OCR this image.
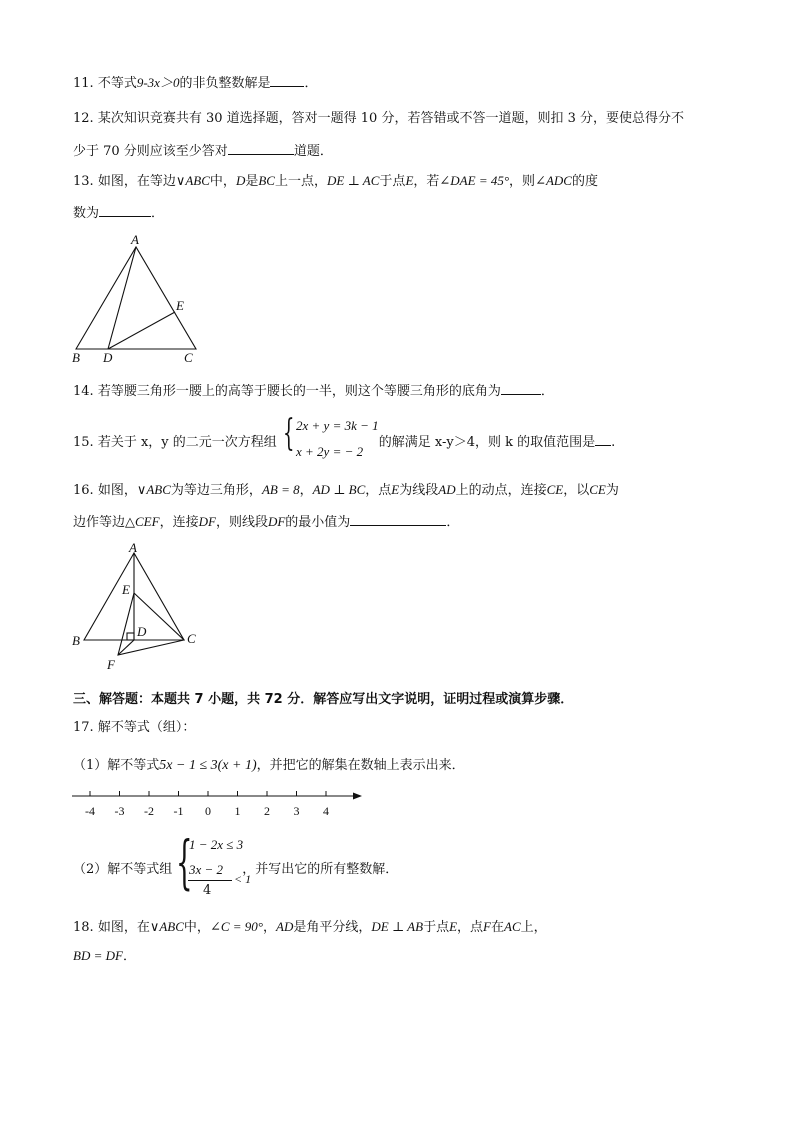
11. 不等式9-3x＞0的非负整数解是	．
12. 某次知识竞赛共有 30 道选择题，答对一题得 10 分，若答错或不答一道题，则扣 3 分，要使总得分不
少于 70 分则应该至少答对	道题．
13. 如图，在等边∨ABC中，D是BC上一点，DE ⊥ AC于点E，若∠DAE = 45°，则∠ADC的度
数为	．
A
B	C
D
E
14. 若等腰三角形一腰上的高等于腰长的一半，则这个等腰三角形的底角为	．
15. 若关于 x，y 的二元一次方程组	的解满足 x-y＞4，则 k 的取值范围是 .
{ 2x + y = 3k − 1
x + 2y = − 2
16. 如图，∨ABC为等边三角形，AB = 8，AD ⊥ BC，点E为线段AD上的动点，连接CE，以CE为
边作等边△CEF，连接DF，则线段DF的最小值为	．
A
B	C
D
E
F
三、解答题：本题共 7 小题，共 72 分．解答应写出文字说明，证明过程或演算步骤．
17. 解不等式（组）：
（1）解不等式5x − 1 ≤ 3(x + 1)，并把它的解集在数轴上表示出来．
-4 -3 -2 -1 0 1 2 3 4
（2）解不等式组	，并写出它的所有整数解．
{
1 − 2x ≤ 3
3x − 2
4
< 1
18. 如图，在∨ABC中，∠C = 90°，AD是角平分线，DE ⊥ AB于点E，点F在AC上，
BD = DF．
